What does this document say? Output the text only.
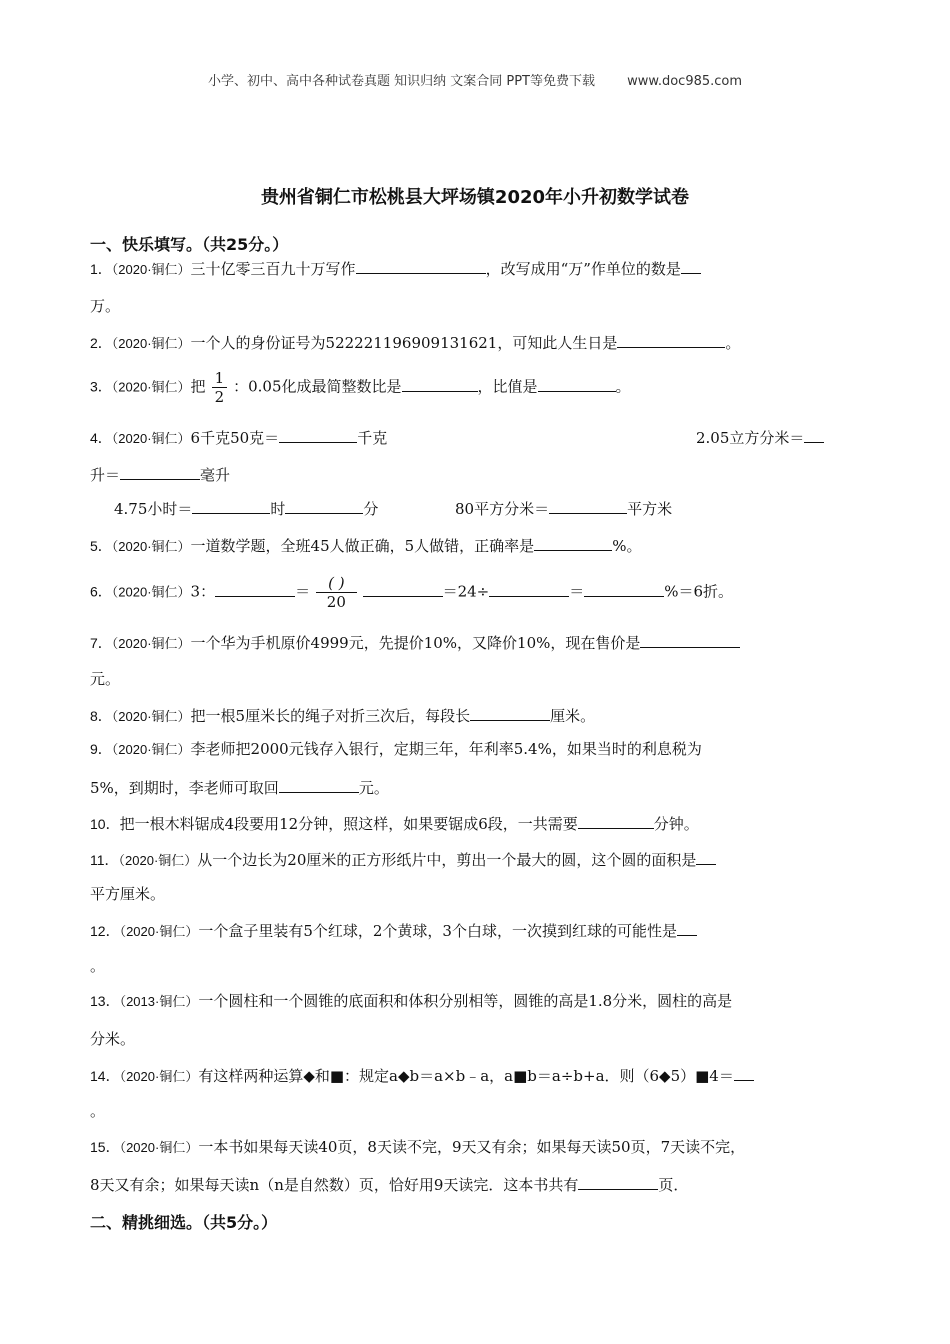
小学、初中、高中各种试卷真题 知识归纳 文案合同 PPT等免费下载 www.doc985.com
贵州省铜仁市松桃县大坪场镇2020年小升初数学试卷
一、快乐填写。（共25分。）
1．（2020·铜仁）三十亿零三百九十万写作	，改写成用“万”作单位的数是
万。
2．（2020·铜仁）一个人的身份证号为522221196909131621，可知此人生日是	。
3．（2020·铜仁）把 $\frac{1}{2}$ ：0.05化成最简整数比是	，比值是	。
4．（2020·铜仁）6千克50克＝	千克	2.05立方分米＝
升＝	毫升
4.75小时＝	时	分	80平方分米＝	平方米
5．（2020·铜仁）一道数学题，全班45人做正确，5人做错，正确率是	%。
6．（2020·铜仁）3：	＝ $\frac{( )}{20}$	＝24÷	＝	%＝6折。
7．（2020·铜仁）一个华为手机原价4999元，先提价10%，又降价10%，现在售价是
元。
8．（2020·铜仁）把一根5厘米长的绳子对折三次后，每段长	厘米。
9．（2020·铜仁）李老师把2000元钱存入银行，定期三年，年利率5.4%，如果当时的利息税为
5%，到期时，李老师可取回	元。
10．把一根木料锯成4段要用12分钟，照这样，如果要锯成6段，一共需要	分钟。
11．（2020·铜仁）从一个边长为20厘米的正方形纸片中，剪出一个最大的圆，这个圆的面积是
平方厘米。
12．（2020·铜仁）一个盒子里装有5个红球，2个黄球，3个白球，一次摸到红球的可能性是
。
13．（2013·铜仁）一个圆柱和一个圆锥的底面积和体积分别相等，圆锥的高是1.8分米，圆柱的高是
分米。
14．（2020·铜仁）有这样两种运算◆和■：规定a◆b＝a×b﹣a，a■b＝a÷b+a．则（6◆5）■4＝
。
15．（2020·铜仁）一本书如果每天读40页，8天读不完，9天又有余；如果每天读50页，7天读不完，
8天又有余；如果每天读n（n是自然数）页，恰好用9天读完．这本书共有	页．
二、精挑细选。（共5分。）
